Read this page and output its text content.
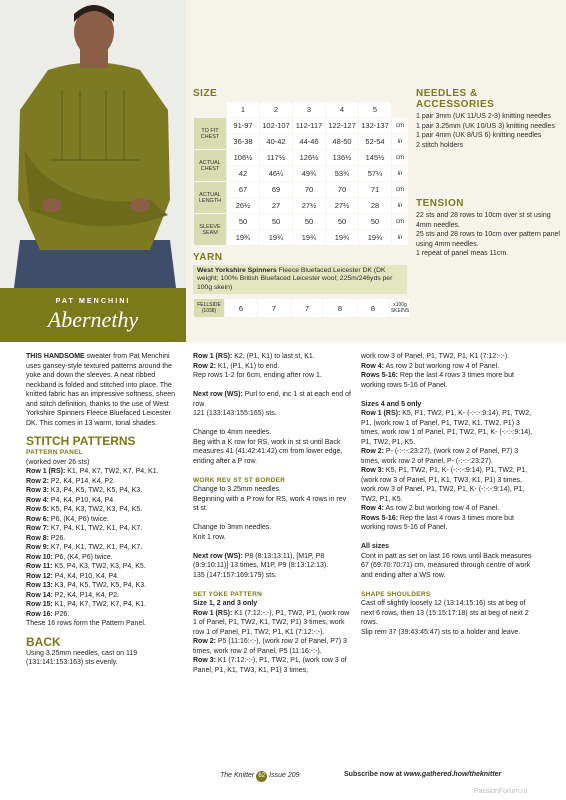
PAT MENCHINI
Abernethy
SIZE
	1	2	3	4	5	
TO FIT CHEST	91-97	102-107	112-117	122-127	132-137	cm
	36-38	40-42	44-46	48-50	52-54	in
ACTUAL CHEST	106½	117½	126½	136½	145½	cm
	42	46¼	49¾	53¾	57¼	in
ACTUAL LENGTH	67	69	70	70	71	cm
	26½	27	27½	27½	28	in
SLEEVE SEAM	50	50	50	50	50	cm
	19¾	19¾	19¾	19¾	19¾	in
YARN
West Yorkshire Spinners Fleece Bluefaced Leicester DK (DK weight; 100% British Bluefaced Leicester wool; 225m/246yds per 100g skein)
FELLSIDE (1038)	6	7	7	8	8	x100g SKEINS
NEEDLES & ACCESSORIES

1 pair 3mm (UK 11/US 2-3) knitting needles

1 pair 3.25mm (UK 10/US 3) knitting needles

1 pair 4mm (UK 8/US 6) knitting needles

2 stitch holders

TENSION

22 sts and 28 rows to 10cm over st st using 4mm needles.

25 sts and 28 rows to 10cm over pattern panel using 4mm needles.

1 repeat of panel meas 11cm.

THIS HANDSOME sweater from Pat Menchini uses gansey-style textured patterns around the yoke and down the sleeves. A neat ribbed neckband is folded and stitched into place. The knitted fabric has an impressive softness, sheen and stitch definition, thanks to the use of West Yorkshire Spinners Fleece Bluefaced Leicester DK. This comes in 13 warm, tonal shades.

STITCH PATTERNS
PATTERN PANEL

(worked over 26 sts)

Row 1 (RS): K1, P4, K7, TW2, K7, P4, K1.

Row 2: P2, K4, P14, K4, P2.

Row 3: K3, P4, K5, TW2, K5, P4, K3.

Row 4: P4, K4, P10, K4, P4.

Row 5: K5, P4, K3, TW2, K3, P4, K5.

Row 6: P6, (K4, P6) twice.

Row 7: K7, P4, K1, TW2, K1, P4, K7.

Row 8: P26.

Row 9: K7, P4, K1, TW2, K1, P4, K7.

Row 10: P6, (K4, P6) twice.

Row 11: K5, P4, K3, TW2, K3, P4, K5.

Row 12: P4, K4, P10, K4, P4.

Row 13: K3, P4, K5, TW2, K5, P4, K3.

Row 14: P2, K4, P14, K4, P2.

Row 15: K1, P4, K7, TW2, K7, P4, K1.

Row 16: P26.

These 16 rows form the Pattern Panel.

BACK

Using 3.25mm needles, cast on 119 (131:141:153:163) sts evenly.

Row 1 (RS): K2, (P1, K1) to last st, K1.

Row 2: K1, (P1, K1) to end.

Rep rows 1-2 for 6cm, ending after row 1.

Next row (WS): Purl to end, inc 1 st at each end of row.

121 (133:143:155:165) sts.

Change to 4mm needles.

Beg with a K row for RS, work in st st until Back measures 41 (41:42:41:42) cm from lower edge, ending after a P row.

WORK REV ST ST BORDER

Change to 3.25mm needles.

Beginning with a P row for RS, work 4 rows in rev st st.

Change to 3mm needles.

Knit 1 row.

Next row (WS): P8 (8:13:13:11), [M1P, P8 (9:9:10:11)] 13 times, M1P, P9 (8:13:12:13).

135 (147:157:169:179) sts.

SET YOKE PATTERN

Size 1, 2 and 3 only

Row 1 (RS): K1 (7:12:-:-), P1, TW2, P1, (work row 1 of Panel, P1, TW2, K1, TW2, P1) 3 times, work row 1 of Panel, P1, TW2, P1, K1 (7:12:-:-).

Row 2: P5 (11:16:-:-), (work row 2 of Panel, P7) 3 times, work row 2 of Panel, P5 (11:16:-:-).

Row 3: K1 (7:12:-:-), P1, TW2, P1, (work row 3 of Panel, P1, K1, TW3, K1, P1) 3 times,

work row 3 of Panel, P1, TW2, P1, K1 (7:12:-:-).

Row 4: As row 2 but working row 4 of Panel.

Rows 5-16: Rep the last 4 rows 3 times more but working rows 5-16 of Panel.

Sizes 4 and 5 only

Row 1 (RS): K5, P1, TW2, P1, K- (-:-:-:9:14), P1, TW2, P1, (work row 1 of Panel, P1, TW2, K1, TW2, P1) 3 times, work row 1 of Panel, P1, TW2, P1, K- (-:-:-:9:14), P1, TW2, P1, K5.

Row 2: P- (-:-:-:23:27), (work row 2 of Panel, P7) 3 times, work row 2 of Panel, P- (-:-:-:23:27).

Row 3: K5, P1, TW2, P1, K- (-:-:-:9:14), P1, TW2, P1, (work row 3 of Panel, P1, K1, TW3, K1, P1) 3 times, work row 3 of Panel, P1, TW2, P1, K- (-:-:-:9:14), P1, TW2, P1, K5.

Row 4: As row 2 but working row 4 of Panel.

Rows 5-16: Rep the last 4 rows 3 times more but working rows 5-16 of Panel.

All sizes

Cont in patt as set on last 16 rows until Back measures 67 (69:70:70:71) cm, measured through centre of work and ending after a WS row.

SHAPE SHOULDERS

Cast off slightly loosely 12 (13:14:15:16) sts at beg of next 6 rows, then 13 (15:15:17:18) sts at beg of next 2 rows.

Slip rem 37 (39:43:45:47) sts to a holder and leave.

The Knitter 62 Issue 209	Subscribe now at www.gathered.how/theknitter
PassionForum.ru
